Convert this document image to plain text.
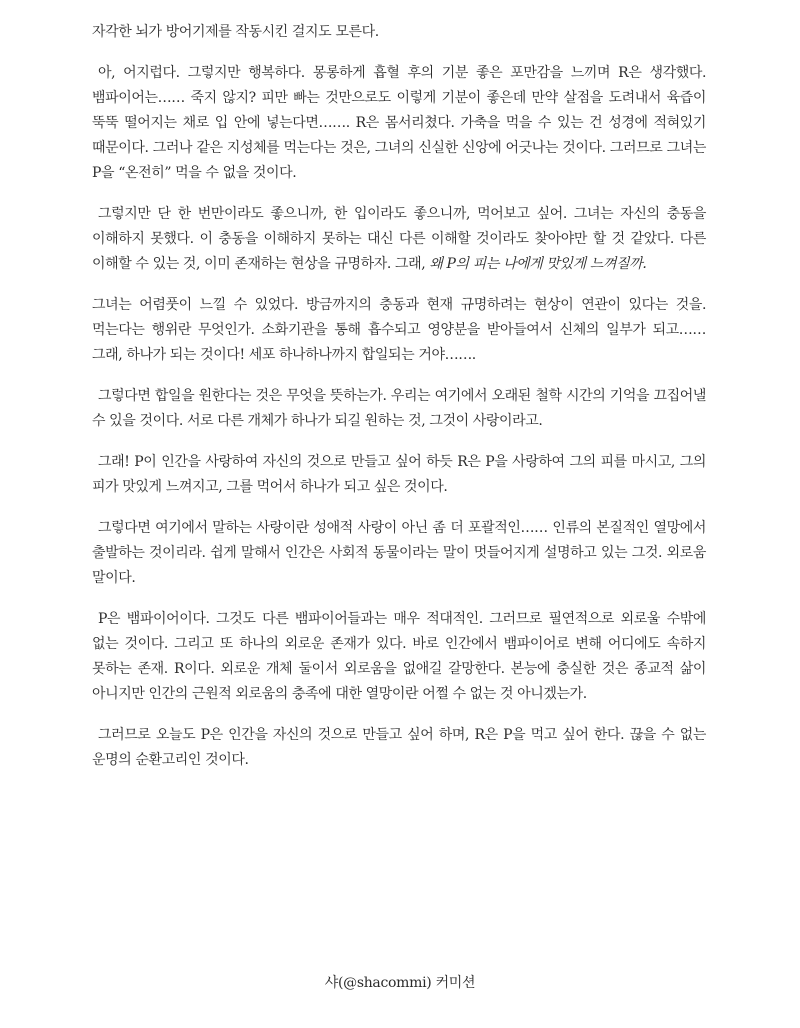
자각한 뇌가 방어기제를 작동시킨 걸지도 모른다.

아, 어지럽다. 그렇지만 행복하다. 몽롱하게 흡혈 후의 기분 좋은 포만감을 느끼며 R은 생각했다. 뱀파이어는…… 죽지 않지? 피만 빠는 것만으로도 이렇게 기분이 좋은데 만약 살점을 도려내서 육즙이 뚝뚝 떨어지는 채로 입 안에 넣는다면……. R은 몸서리쳤다. 가축을 먹을 수 있는 건 성경에 적혀있기 때문이다. 그러나 같은 지성체를 먹는다는 것은, 그녀의 신실한 신앙에 어긋나는 것이다. 그러므로 그녀는 P을 “온전히” 먹을 수 없을 것이다.

그렇지만 단 한 번만이라도 좋으니까, 한 입이라도 좋으니까, 먹어보고 싶어. 그녀는 자신의 충동을 이해하지 못했다. 이 충동을 이해하지 못하는 대신 다른 이해할 것이라도 찾아야만 할 것 같았다. 다른 이해할 수 있는 것, 이미 존재하는 현상을 규명하자. 그래, 왜 P의 피는 나에게 맛있게 느껴질까.

그녀는 어렴풋이 느낄 수 있었다. 방금까지의 충동과 현재 규명하려는 현상이 연관이 있다는 것을. 먹는다는 행위란 무엇인가. 소화기관을 통해 흡수되고 영양분을 받아들여서 신체의 일부가 되고…… 그래, 하나가 되는 것이다! 세포 하나하나까지 합일되는 거야…….

그렇다면 합일을 원한다는 것은 무엇을 뜻하는가. 우리는 여기에서 오래된 철학 시간의 기억을 끄집어낼 수 있을 것이다. 서로 다른 개체가 하나가 되길 원하는 것, 그것이 사랑이라고.

그래! P이 인간을 사랑하여 자신의 것으로 만들고 싶어 하듯 R은 P을 사랑하여 그의 피를 마시고, 그의 피가 맛있게 느껴지고, 그를 먹어서 하나가 되고 싶은 것이다.

그렇다면 여기에서 말하는 사랑이란 성애적 사랑이 아닌 좀 더 포괄적인…… 인류의 본질적인 열망에서 출발하는 것이리라. 쉽게 말해서 인간은 사회적 동물이라는 말이 멋들어지게 설명하고 있는 그것. 외로움 말이다.

P은 뱀파이어이다. 그것도 다른 뱀파이어들과는 매우 적대적인. 그러므로 필연적으로 외로울 수밖에 없는 것이다. 그리고 또 하나의 외로운 존재가 있다. 바로 인간에서 뱀파이어로 변해 어디에도 속하지 못하는 존재. R이다. 외로운 개체 둘이서 외로움을 없애길 갈망한다. 본능에 충실한 것은 종교적 삶이 아니지만 인간의 근원적 외로움의 충족에 대한 열망이란 어쩔 수 없는 것 아니겠는가.

그러므로 오늘도 P은 인간을 자신의 것으로 만들고 싶어 하며, R은 P을 먹고 싶어 한다. 끊을 수 없는 운명의 순환고리인 것이다.

샤(@shacommi) 커미션
